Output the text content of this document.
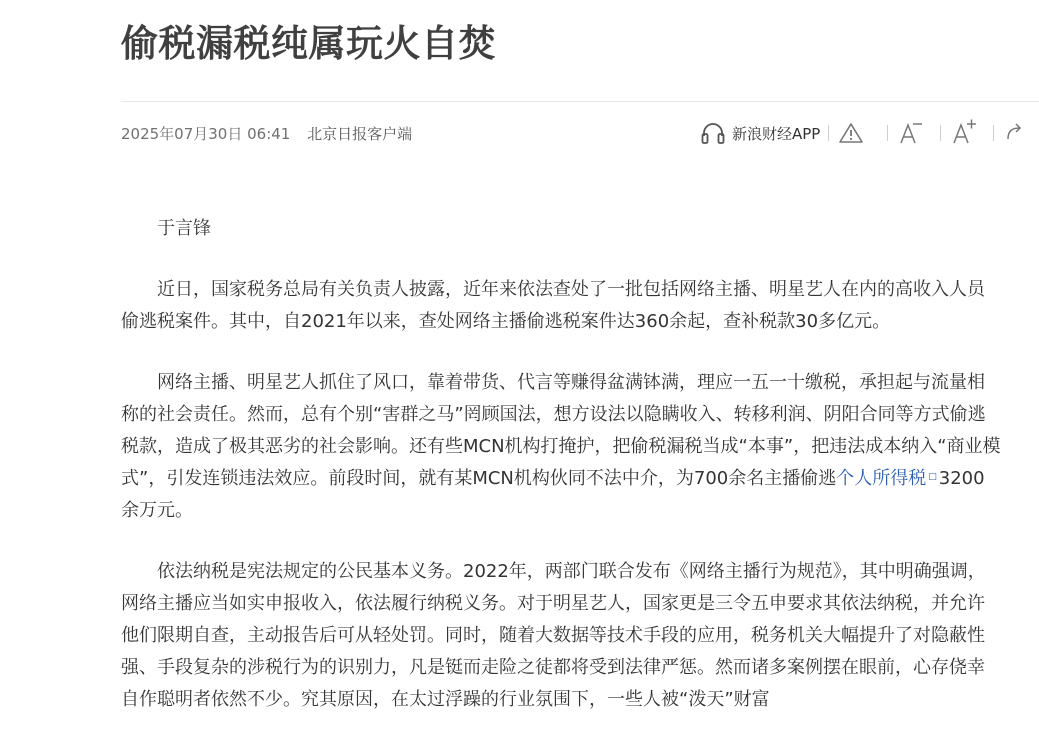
偷税漏税纯属玩火自焚
2025年07月30日 06:41 北京日报客户端	新浪财经APP

于言锋

近日，国家税务总局有关负责人披露，近年来依法查处了一批包括网络主播、明星艺人在内的高收入人员偷逃税案件。其中，自2021年以来，查处网络主播偷逃税案件达360余起，查补税款30多亿元。

网络主播、明星艺人抓住了风口，靠着带货、代言等赚得盆满钵满，理应一五一十缴税，承担起与流量相称的社会责任。然而，总有个别“害群之马”罔顾国法，想方设法以隐瞒收入、转移利润、阴阳合同等方式偷逃税款，造成了极其恶劣的社会影响。还有些MCN机构打掩护，把偷税漏税当成“本事”，把违法成本纳入“商业模式”，引发连锁违法效应。前段时间，就有某MCN机构伙同不法中介，为700余名主播偷逃个人所得税 □ 3200余万元。

依法纳税是宪法规定的公民基本义务。2022年，两部门联合发布《网络主播行为规范》，其中明确强调，网络主播应当如实申报收入，依法履行纳税义务。对于明星艺人，国家更是三令五申要求其依法纳税，并允许他们限期自查，主动报告后可从轻处罚。同时，随着大数据等技术手段的应用，税务机关大幅提升了对隐蔽性强、手段复杂的涉税行为的识别力，凡是铤而走险之徒都将受到法律严惩。然而诸多案例摆在眼前，心存侥幸自作聪明者依然不少。究其原因，在太过浮躁的行业氛围下，一些人被“泼天”财富
